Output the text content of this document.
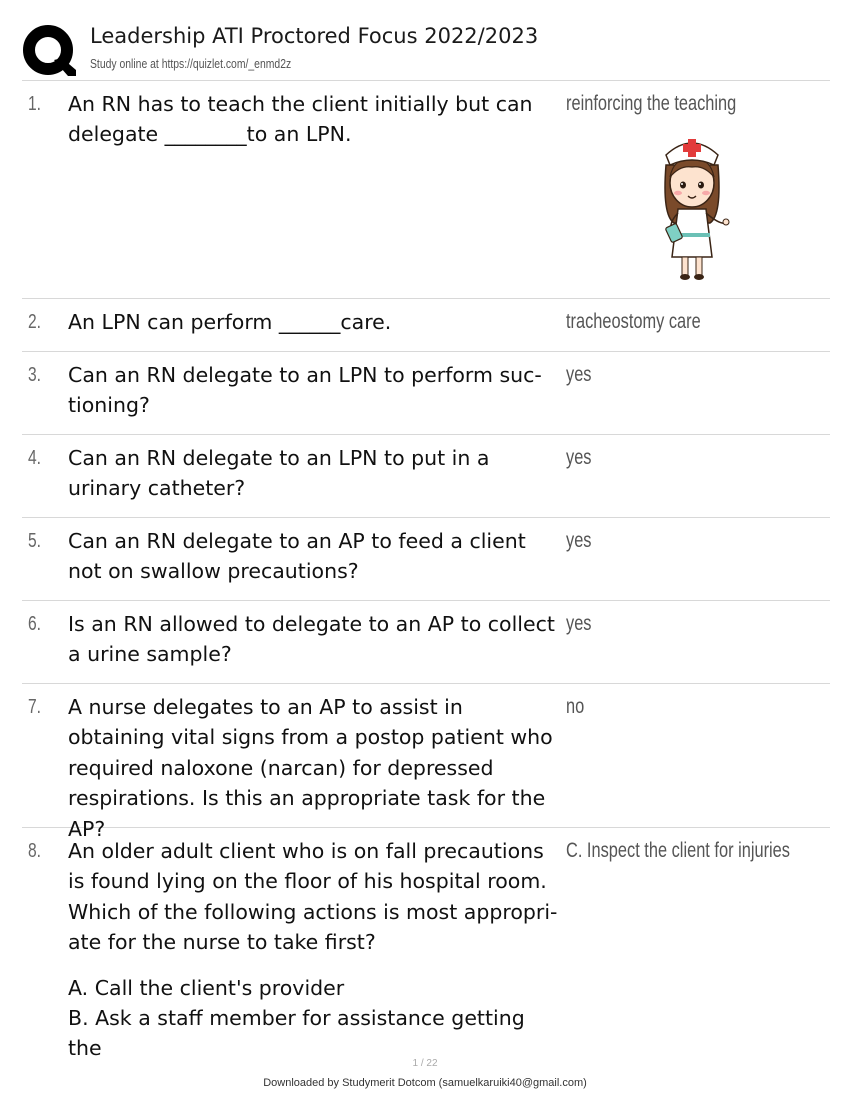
Leadership ATI Proctored Focus 2022/2023
Study online at https://quizlet.com/_enmd2z
1. An RN has to teach the client initially but can delegate ________to an LPN.
reinforcing the teaching
2. An LPN can perform ______care.	tracheostomy care
3. Can an RN delegate to an LPN to perform suc-tioning?
yes
4. Can an RN delegate to an LPN to put in a urinary catheter?
yes
5. Can an RN delegate to an AP to feed a client not on swallow precautions?
yes
6. Is an RN allowed to delegate to an AP to collect a urine sample?
yes
7. A nurse delegates to an AP to assist in obtaining vital signs from a postop patient who required naloxone (narcan) for depressed respirations. Is this an appropriate task for the AP?
no
8. An older adult client who is on fall precautions is found lying on the floor of his hospital room. Which of the following actions is most appropri-ate for the nurse to take first?
A. Call the client's provider
B. Ask a staff member for assistance getting the
C. Inspect the client for injuries
1 / 22
Downloaded by Studymerit Dotcom (samuelkaruiki40@gmail.com)
